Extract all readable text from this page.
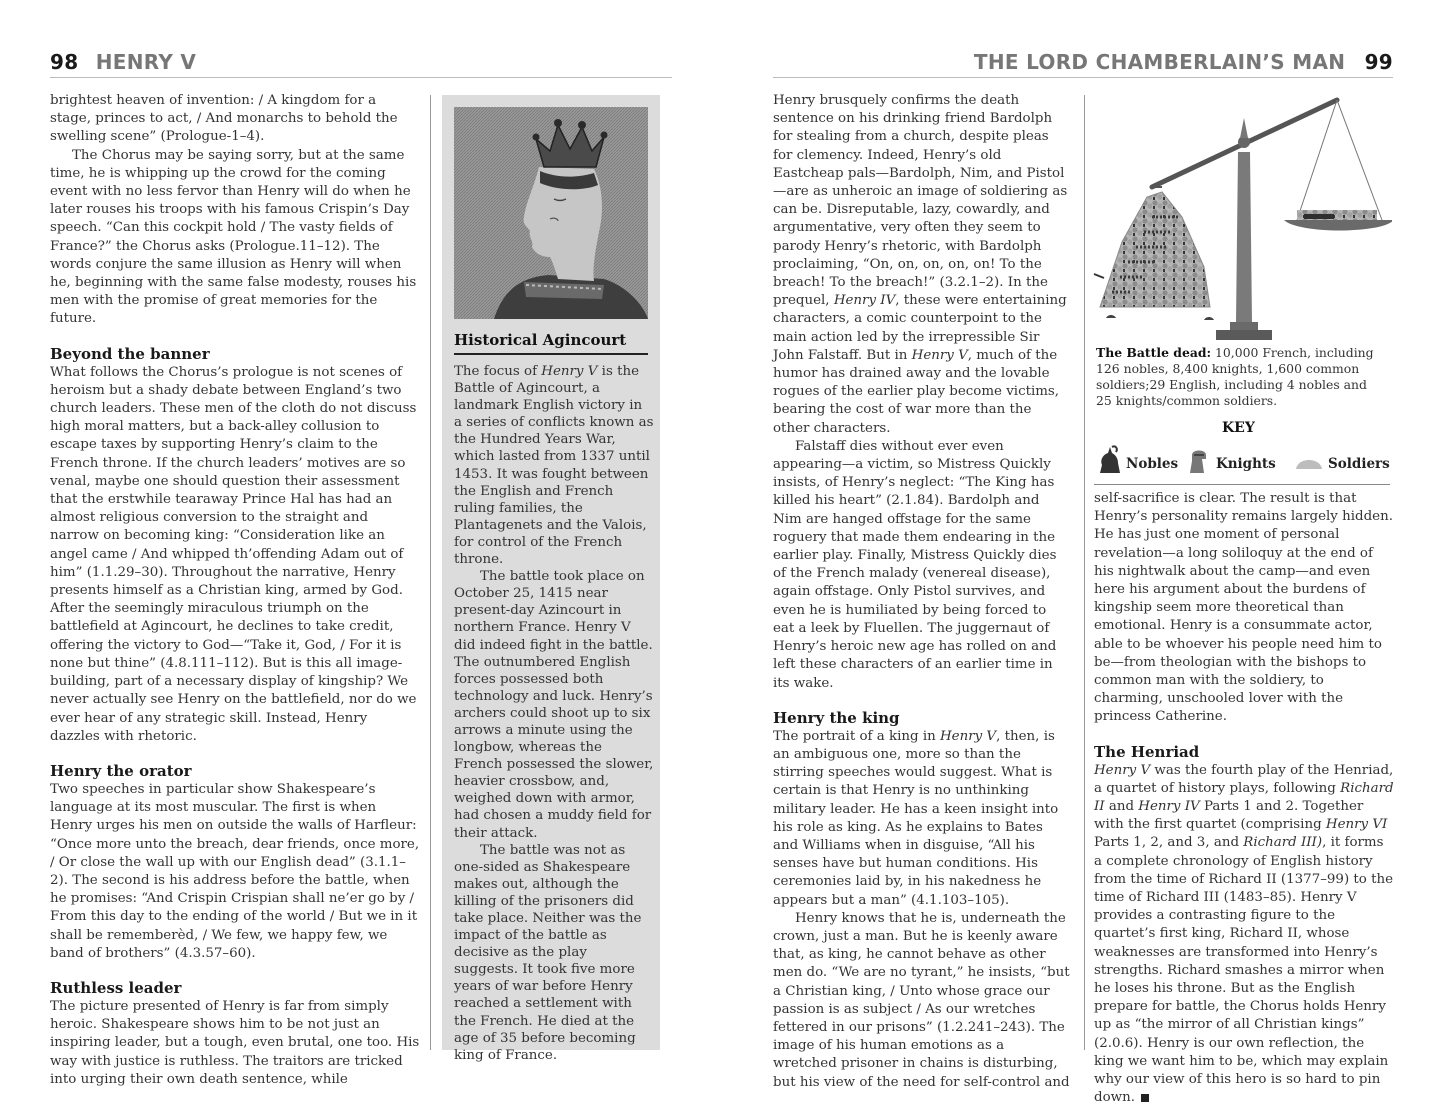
98 HENRY V	THE LORD CHAMBERLAIN’S MAN 99

brightest heaven of invention: / A kingdom for a stage, princes to act, / And monarchs to behold the swelling scene” (Prologue-1–4).

The Chorus may be saying sorry, but at the same time, he is whipping up the crowd for the coming event with no less fervor than Henry will do when he later rouses his troops with his famous Crispin’s Day speech. “Can this cockpit hold / The vasty fields of France?” the Chorus asks (Prologue.11–12). The words conjure the same illusion as Henry will when he, beginning with the same false modesty, rouses his men with the promise of great memories for the future.

Beyond the banner

What follows the Chorus’s prologue is not scenes of heroism but a shady debate between England’s two church leaders. These men of the cloth do not discuss high moral matters, but a back-alley collusion to escape taxes by supporting Henry’s claim to the French throne. If the church leaders’ motives are so venal, maybe one should question their assessment that the erstwhile tearaway Prince Hal has had an almost religious conversion to the straight and narrow on becoming king: “Consideration like an angel came / And whipped th’offending Adam out of him” (1.1.29–30). Throughout the narrative, Henry presents himself as a Christian king, armed by God. After the seemingly miraculous triumph on the battlefield at Agincourt, he declines to take credit, offering the victory to God—“Take it, God, / For it is none but thine” (4.8.111–112). But is this all image-building, part of a necessary display of kingship? We never actually see Henry on the battlefield, nor do we ever hear of any strategic skill. Instead, Henry dazzles with rhetoric.

Henry the orator

Two speeches in particular show Shakespeare’s language at its most muscular. The first is when Henry urges his men on outside the walls of Harfleur: “Once more unto the breach, dear friends, once more, / Or close the wall up with our English dead” (3.1.1–2). The second is his address before the battle, when he promises: “And Crispin Crispian shall ne’er go by / From this day to the ending of the world / But we in it shall be rememberèd, / We few, we happy few, we band of brothers” (4.3.57–60).

Ruthless leader

The picture presented of Henry is far from simply heroic. Shakespeare shows him to be not just an inspiring leader, but a tough, even brutal, one too. His way with justice is ruthless. The traitors are tricked into urging their own death sentence, while

Historical Agincourt

The focus of Henry V is the Battle of Agincourt, a landmark English victory in a series of conflicts known as the Hundred Years War, which lasted from 1337 until 1453. It was fought between the English and French ruling families, the Plantagenets and the Valois, for control of the French throne.

The battle took place on October 25, 1415 near present-day Azincourt in northern France. Henry V did indeed fight in the battle. The outnumbered English forces possessed both technology and luck. Henry’s archers could shoot up to six arrows a minute using the longbow, whereas the French possessed the slower, heavier crossbow, and, weighed down with armor, had chosen a muddy field for their attack.

The battle was not as one-sided as Shakespeare makes out, although the killing of the prisoners did take place. Neither was the impact of the battle as decisive as the play suggests. It took five more years of war before Henry reached a settlement with the French. He died at the age of 35 before becoming king of France.

Henry brusquely confirms the death sentence on his drinking friend Bardolph for stealing from a church, despite pleas for clemency. Indeed, Henry’s old Eastcheap pals—Bardolph, Nim, and Pistol—are as unheroic an image of soldiering as can be. Disreputable, lazy, cowardly, and argumentative, very often they seem to parody Henry’s rhetoric, with Bardolph proclaiming, “On, on, on, on, on! To the breach! To the breach!” (3.2.1–2). In the prequel, Henry IV, these were entertaining characters, a comic counterpoint to the main action led by the irrepressible Sir John Falstaff. But in Henry V, much of the humor has drained away and the lovable rogues of the earlier play become victims, bearing the cost of war more than the other characters.

Falstaff dies without ever even appearing—a victim, so Mistress Quickly insists, of Henry’s neglect: “The King has killed his heart” (2.1.84). Bardolph and Nim are hanged offstage for the same roguery that made them endearing in the earlier play. Finally, Mistress Quickly dies of the French malady (venereal disease), again offstage. Only Pistol survives, and even he is humiliated by being forced to eat a leek by Fluellen. The juggernaut of Henry’s heroic new age has rolled on and left these characters of an earlier time in its wake.

Henry the king

The portrait of a king in Henry V, then, is an ambiguous one, more so than the stirring speeches would suggest. What is certain is that Henry is no unthinking military leader. He has a keen insight into his role as king. As he explains to Bates and Williams when in disguise, “All his senses have but human conditions. His ceremonies laid by, in his nakedness he appears but a man” (4.1.103–105).

Henry knows that he is, underneath the crown, just a man. But he is keenly aware that, as king, he cannot behave as other men do. “We are no tyrant,” he insists, “but a Christian king, / Unto whose grace our passion is as subject / As our wretches fettered in our prisons” (1.2.241–243). The image of his human emotions as a wretched prisoner in chains is disturbing, but his view of the need for self-control and

The Battle dead: 10,000 French, including 126 nobles, 8,400 knights, 1,600 common soldiers;29 English, including 4 nobles and 25 knights/common soldiers.
KEY
Nobles	Knights	Soldiers

self-sacrifice is clear. The result is that Henry’s personality remains largely hidden. He has just one moment of personal revelation—a long soliloquy at the end of his nightwalk about the camp—and even here his argument about the burdens of kingship seem more theoretical than emotional. Henry is a consummate actor, able to be whoever his people need him to be—from theologian with the bishops to common man with the soldiery, to charming, unschooled lover with the princess Catherine.

The Henriad

Henry V was the fourth play of the Henriad, a quartet of history plays, following Richard II and Henry IV Parts 1 and 2. Together with the first quartet (comprising Henry VI Parts 1, 2, and 3, and Richard III), it forms a complete chronology of English history from the time of Richard II (1377–99) to the time of Richard III (1483–85). Henry V provides a contrasting figure to the quartet’s first king, Richard II, whose weaknesses are transformed into Henry’s strengths. Richard smashes a mirror when he loses his throne. But as the English prepare for battle, the Chorus holds Henry up as “the mirror of all Christian kings” (2.0.6). Henry is our own reflection, the king we want him to be, which may explain why our view of this hero is so hard to pin down.
